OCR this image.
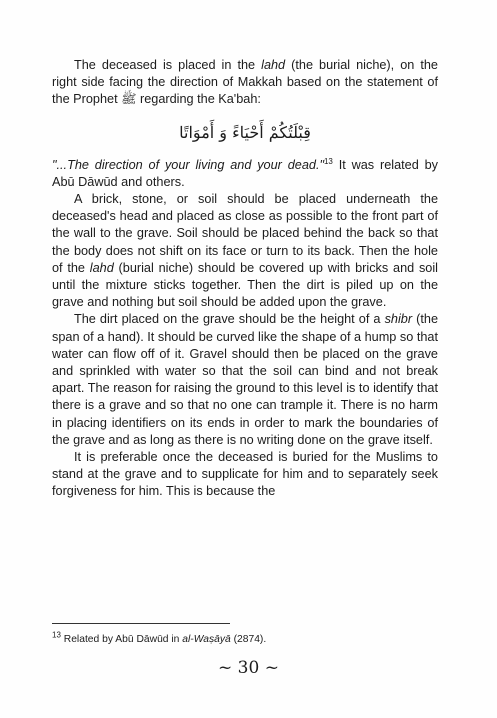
The deceased is placed in the lahd (the burial niche), on the right side facing the direction of Makkah based on the statement of the Prophet ﷺ regarding the Ka'bah:

قِبْلَتُكُمْ أَحْيَاءً وَ أَمْوَاتًا

"...The direction of your living and your dead."$^{13}$ It was related by Abū Dāwūd and others.

A brick, stone, or soil should be placed underneath the deceased's head and placed as close as possible to the front part of the wall to the grave. Soil should be placed behind the back so that the body does not shift on its face or turn to its back. Then the hole of the lahd (burial niche) should be covered up with bricks and soil until the mixture sticks together. Then the dirt is piled up on the grave and nothing but soil should be added upon the grave.

The dirt placed on the grave should be the height of a shibr (the span of a hand). It should be curved like the shape of a hump so that water can flow off of it. Gravel should then be placed on the grave and sprinkled with water so that the soil can bind and not break apart. The reason for raising the ground to this level is to identify that there is a grave and so that no one can trample it. There is no harm in placing identifiers on its ends in order to mark the boundaries of the grave and as long as there is no writing done on the grave itself.

It is preferable once the deceased is buried for the Muslims to stand at the grave and to supplicate for him and to separately seek forgiveness for him. This is because the

$^{13}$ Related by Abū Dāwūd in al-Waṣāyā (2874).
~ 30 ~
